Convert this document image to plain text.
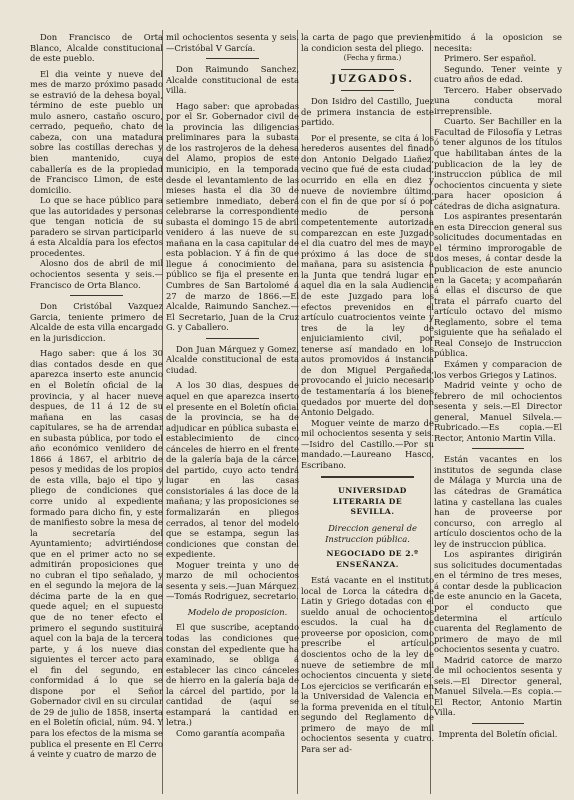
Don Francisco de Orta Blanco, Alcalde constitucional de este pueblo.

El dia veinte y nueve del mes de marzo próximo pasado se estravió de la dehesa boyal, término de este pueblo un mulo asnero, castaño oscuro, cerrado, pequeño, chato de cabeza, con una matadura sobre las costillas derechas y bien mantenido, cuya caballería es de la propiedad de Francisco Limon, de este domicilio.

Lo que se hace público para que las autoridades y personas que tengan noticia de su paradero se sirvan participarlo á esta Alcaldía para los efectos procedentes.

Alosno dos de abril de mil ochocientos sesenta y seis.—Francisco de Orta Blanco.

Don Cristóbal Vazquez Garcia, teniente primero de Alcalde de esta villa encargado en la jurisdiccion.

Hago saber: que á los 30 dias contados desde en que aparezca inserto este anuncio en el Boletín oficial de la provincia, y al hacer nueve despues, de 11 á 12 de su mañana en las casas capitulares, se ha de arrendar en subasta pública, por todo el año económico veniidero de 1866 á 1867, el arbitrio de pesos y medidas de los propios de esta villa, bajo el tipo y pliego de condiciones que corre unido al expediente formado para dicho fin, y este de manifiesto sobre la mesa de la secretaría del Ayuntamiento; advirtiéndose que en el primer acto no se admitirán proposiciones que no cubran el tipo señalado, y en el segundo la mejora de la décima parte de la en que quede aquel; en el supuesto que de no tener efecto el primero el segundo sustituirá aquel con la baja de la tercera parte, y á los nueve dias siguientes el tercer acto para el fin del segundo, en conformidad á lo que se dispone por el Señor Gobernador civil en su circular de 29 de julio de 1858, inserta en el Boletín oficial, núm. 94. Y para los efectos de la misma se publica el presente en El Cerro á veinte y cuatro de marzo de

mil ochocientos sesenta y seis.—Cristóbal V García.

Don Raimundo Sanchez, Alcalde constitucional de esta villa.

Hago saber: que aprobadas por el Sr. Gobernador civil de la provincia las diligencias preliminares para la subasta de los rastrojeros de la dehesa del Alamo, propios de este municipio, en la temporada desde el levantamiento de las mieses hasta el dia 30 de setiembre inmediato, deberá celebrarse la correspondiente subasta el domingo 15 de abril venidero á las nueve de su mañana en la casa capitular de esta poblacion. Y á fin de que llegue á conocimiento del público se fija el presente en Cumbres de San Bartolomé á 27 de marzo de 1866.—El Alcalde, Raimundo Sanchez.—El Secretario, Juan de la Cruz G. y Caballero.

Don Juan Márquez y Gomez, Alcalde constitucional de esta ciudad.

A los 30 dias, despues de aquel en que aparezca inserto el presente en el Boletín oficial de la provincia, se ha de adjudicar en pública subasta el establecimiento de cinco cánceles de hierro en el frente de la galería baja de la cárcel del partido, cuyo acto tendrá lugar en las casas consistoriales á las doce de la mañana; y las proposiciones se formalizarán en pliegos cerrados, al tenor del modelo que se estampa, segun las condiciones que constan del expediente.

Moguer treinta y uno de marzo de mil ochocientos sesenta y seis.—Juan Márquez.—Tomás Rodriguez, secretario.

Modelo de proposicion.

El que suscribe, aceptando todas las condiciones que constan del expediente que ha examinado, se obliga á establecer las cinco cánceles de hierro en la galería baja de la cárcel del partido, por la cantidad de (aquí se estampará la cantidad en letra.)

Como garantía acompaña

la carta de pago que previene la condicion sesta del pliego.

(Fecha y firma.)

JUZGADOS.

Don Isidro del Castillo, Juez de primera instancia de este partido.

Por el presente, se cita á los herederos ausentes del finado don Antonio Delgado Liañez, vecino que fué de esta ciudad, ocurrido en ella en diez y nueve de noviembre último, con el fin de que por sí ó por medio de persona competentemente autorizada comparezcan en este Juzgado el dia cuatro del mes de mayo próximo á las doce de su mañana, para su asistencia á la Junta que tendrá lugar en aquel dia en la sala Audiencia de este Juzgado para los efectos prevenidos en el artículo cuatrocientos veinte y tres de la ley de enjuiciamiento civil, por tenerse así mandado en los autos promovidos á instancia de don Miguel Pergañeda, provocando el juicio necesario de testamentaría á los bienes quedados por muerte del don Antonio Delgado.

Moguer veinte de marzo de mil ochocientos sesenta y seis.—Isidro del Castillo.—Por su mandado.—Laureano Hasco, Escribano.

UNIVERSIDAD LITERARIA DE

SEVILLA.

Direccion general de Instruccion pública.

NEGOCIADO DE 2.º ENSEÑANZA.

Está vacante en el instituto local de Lorca la cátedra de Latin y Griego dotadas con el sueldo anual de ochocientos escudos. la cual ha de proveerse por oposicion, como prescribe el artículo doscientos ocho de la ley de nueve de setiembre de mil ochocientos cincuenta y siete. Los ejercicios se verificarán en la Universidad de Valencia en la forma prevenida en el título segundo del Reglamento de primero de mayo de mil ochocientos sesenta y cuatro. Para ser ad-

mitido á la oposicion se necesita:

Primero. Ser español.

Segundo. Tener veinte y cuatro años de edad.

Tercero. Haber observado una conducta moral irreprensible.

Cuarto. Ser Bachiller en la Facultad de Filosofía y Letras ó tener algunos de los títulos que habilitaban ántes de la publicacion de la ley de instruccion pública de mil ochocientos cincuenta y siete para hacer oposicion á cátedras de dicha asignatura.

Los aspirantes presentarán en esta Direccion general sus solicitudes documentadas en el término improrogable de dos meses, á contar desde la publicacion de este anuncio en la Gaceta; y acompañarán á ellas el discurso de que trata el párrafo cuarto del artículo octavo del mismo Reglamento, sobre el tema siguiente que ha señalado el Real Consejo de Instruccion pública.

Exámen y comparacion de los verbos Griegos y Latinos.

Madrid veinte y ocho de febrero de mil ochocientos sesenta y seis.—El Director general, Manuel Silvela.—Rubricado.—Es copia.—El Rector, Antonio Martin Villa.

Están vacantes en los institutos de segunda clase de Málaga y Murcia una de las cátedras de Gramática latina y castellana las cuales han de proveerse por concurso, con arreglo al artículo doscientos ocho de la ley de instruccion pública.

Los aspirantes dirigirán sus solicitudes documentadas en el término de tres meses, á contar desde la publicacion de este anuncio en la Gaceta, por el conducto que determina el artículo cuarenta del Reglamento de primero de mayo de mil ochocientos sesenta y cuatro.

Madrid catorce de marzo de mil ochocientos sesenta y seis.—El Director general, Manuel Silvela.—Es copia.—El Rector, Antonio Martin Villa.

Imprenta del Boletín oficial.
